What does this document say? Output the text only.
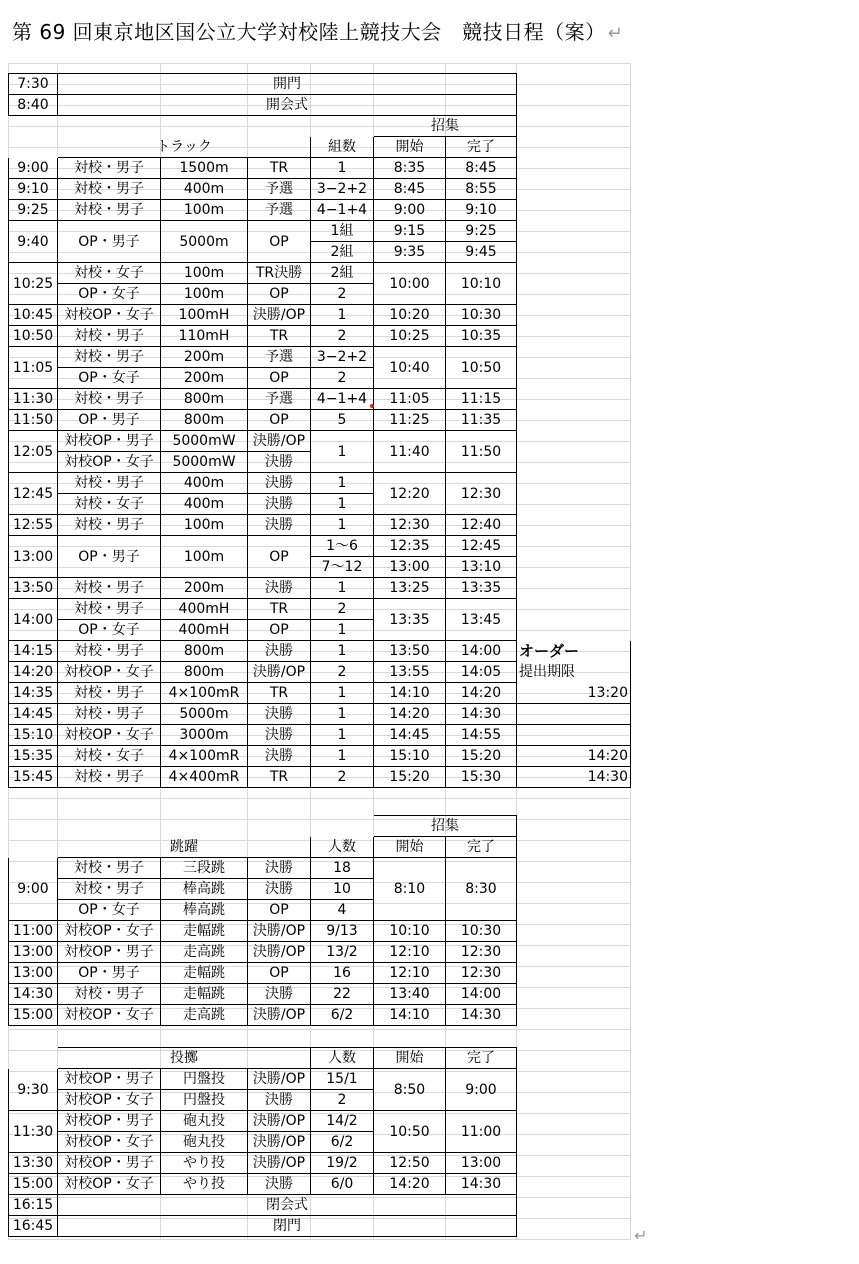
第 69 回東京地区国公立大学対校陸上競技大会　競技日程（案） ↵
7:30	開門	
8:40	開会式	
					招集		
	トラック			組数	開始	完了	
9:00	対校・男子	1500m	TR	1	8:35	8:45	
9:10	対校・男子	400m	予選	3−2+2	8:45	8:55	
9:25	対校・男子	100m	予選	4−1+4	9:00	9:10	
9:40	OP・男子	5000m	OP	1組	9:15	9:25	
				2組	9:35	9:45	
10:25	対校・女子	100m	TR決勝	2組	10:00	10:10	
	OP・女子	100m	OP	2			
10:45	対校OP・女子	100mH	決勝/OP	1	10:20	10:30	
10:50	対校・男子	110mH	TR	2	10:25	10:35	
11:05	対校・男子	200m	予選	3−2+2	10:40	10:50	
	OP・女子	200m	OP	2			
11:30	対校・男子	800m	予選	4−1+4	11:05	11:15	
11:50	OP・男子	800m	OP	5	11:25	11:35	
12:05	対校OP・男子	5000mW	決勝/OP	1	11:40	11:50	
	対校OP・女子	5000mW	決勝				
12:45	対校・男子	400m	決勝	1	12:20	12:30	
	対校・女子	400m	決勝	1			
12:55	対校・男子	100m	決勝	1	12:30	12:40	
13:00	OP・男子	100m	OP	1〜6	12:35	12:45	
				7〜12	13:00	13:10	
13:50	対校・男子	200m	決勝	1	13:25	13:35	
14:00	対校・男子	400mH	TR	2	13:35	13:45	
	OP・女子	400mH	OP	1			
14:15	対校・男子	800m	決勝	1	13:50	14:00	オーダー
14:20	対校OP・女子	800m	決勝/OP	2	13:55	14:05	提出期限
14:35	対校・男子	4×100mR	TR	1	14:10	14:20	13:20
14:45	対校・男子	5000m	決勝	1	14:20	14:30	
15:10	対校OP・女子	3000m	決勝	1	14:45	14:55	
15:35	対校・女子	4×100mR	決勝	1	15:10	15:20	14:20
15:45	対校・男子	4×400mR	TR	2	15:20	15:30	14:30
					招集		
	跳躍			人数	開始	完了	
9:00	対校・男子	三段跳	決勝	18	8:10	8:30	
	対校・男子	棒高跳	決勝	10			
	OP・女子	棒高跳	OP	4			
11:00	対校OP・女子	走幅跳	決勝/OP	9/13	10:10	10:30	
13:00	対校OP・男子	走高跳	決勝/OP	13/2	12:10	12:30	
13:00	OP・男子	走幅跳	OP	16	12:10	12:30	
14:30	対校・男子	走幅跳	決勝	22	13:40	14:00	
15:00	対校OP・女子	走高跳	決勝/OP	6/2	14:10	14:30	
	投擲			人数	開始	完了	
9:30	対校OP・男子	円盤投	決勝/OP	15/1	8:50	9:00	
	対校OP・女子	円盤投	決勝	2			
11:30	対校OP・男子	砲丸投	決勝/OP	14/2	10:50	11:00	
	対校OP・女子	砲丸投	決勝/OP	6/2			
13:30	対校OP・男子	やり投	決勝/OP	19/2	12:50	13:00	
15:00	対校OP・女子	やり投	決勝	6/0	14:20	14:30	
16:15	閉会式						
16:45	閉門							↵
